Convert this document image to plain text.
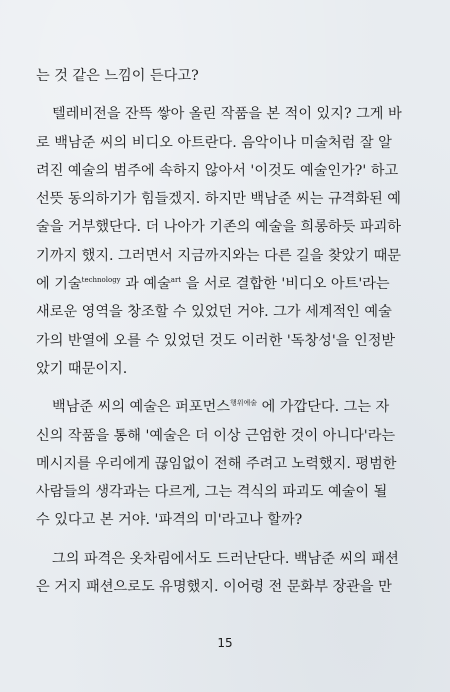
는 것 같은 느낌이 든다고?
텔레비전을 잔뜩 쌓아 올린 작품을 본 적이 있지? 그게 바
로 백남준 씨의 비디오 아트란다. 음악이나 미술처럼 잘 알
려진 예술의 범주에 속하지 않아서 '이것도 예술인가?' 하고
선뜻 동의하기가 힘들겠지. 하지만 백남준 씨는 규격화된 예
술을 거부했단다. 더 나아가 기존의 예술을 희롱하듯 파괴하
기까지 했지. 그러면서 지금까지와는 다른 길을 찾았기 때문
에 기술$^{technology}$ 과 예술$^{art}$ 을 서로 결합한 '비디오 아트'라는
새로운 영역을 창조할 수 있었던 거야. 그가 세계적인 예술
가의 반열에 오를 수 있었던 것도 이러한 '독창성'을 인정받
았기 때문이지.
백남준 씨의 예술은 퍼포먼스$^{행위예술}$ 에 가깝단다. 그는 자
신의 작품을 통해 '예술은 더 이상 근엄한 것이 아니다'라는
메시지를 우리에게 끊임없이 전해 주려고 노력했지. 평범한
사람들의 생각과는 다르게, 그는 격식의 파괴도 예술이 될
수 있다고 본 거야. '파격의 미'라고나 할까?
그의 파격은 옷차림에서도 드러난단다. 백남준 씨의 패션
은 거지 패션으로도 유명했지. 이어령 전 문화부 장관을 만
15
